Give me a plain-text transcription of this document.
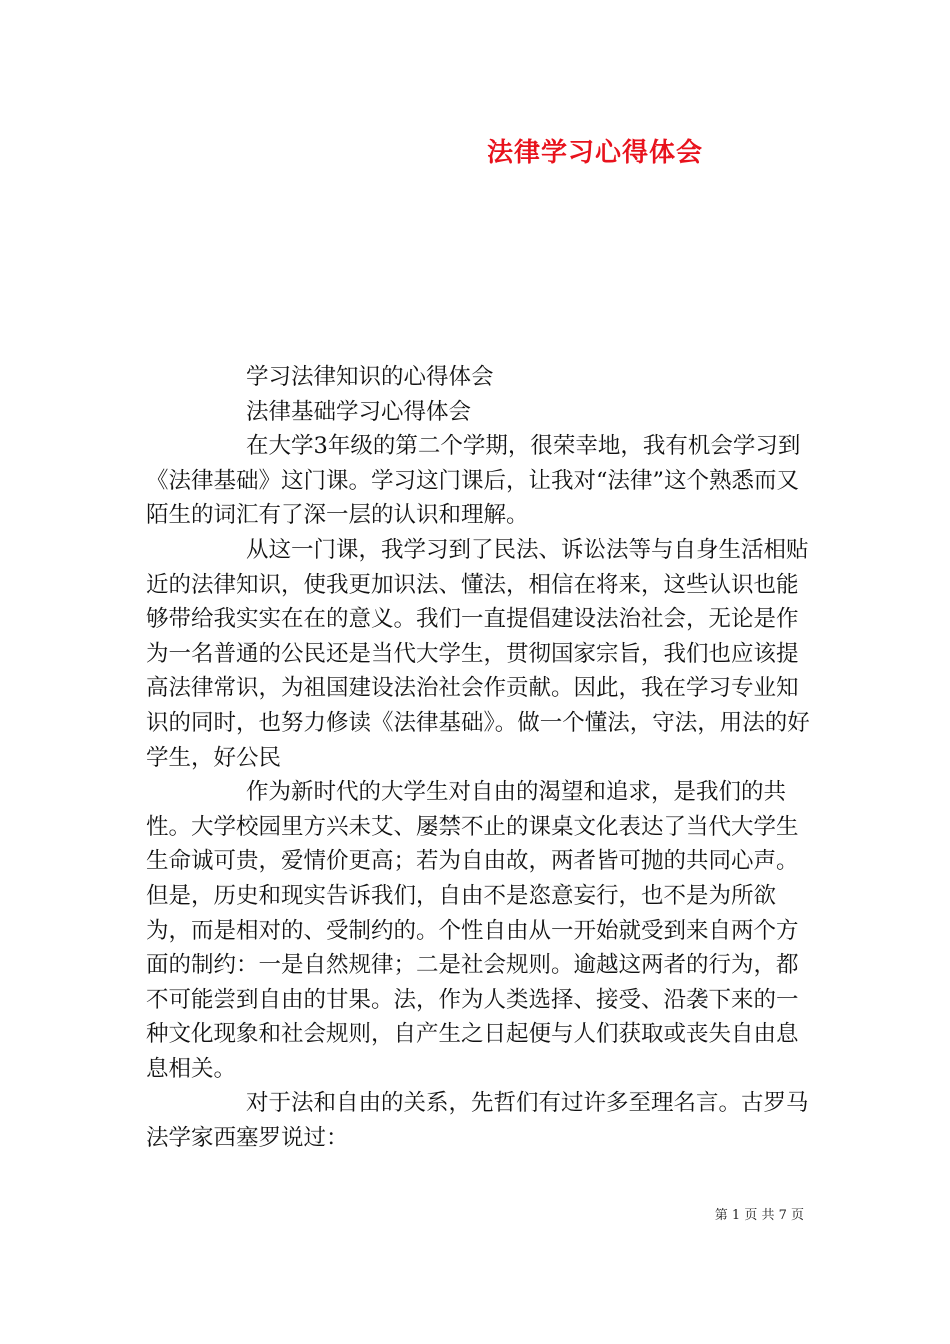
法律学习心得体会

学习法律知识的心得体会

法律基础学习心得体会

在大学3年级的第二个学期，很荣幸地，我有机会学习到《法律基础》这门课。学习这门课后，让我对“法律”这个熟悉而又陌生的词汇有了深一层的认识和理解。

从这一门课，我学习到了民法、诉讼法等与自身生活相贴近的法律知识，使我更加识法、懂法，相信在将来，这些认识也能够带给我实实在在的意义。我们一直提倡建设法治社会，无论是作为一名普通的公民还是当代大学生，贯彻国家宗旨，我们也应该提高法律常识，为祖国建设法治社会作贡献。因此，我在学习专业知识的同时，也努力修读《法律基础》。做一个懂法，守法，用法的好学生，好公民

作为新时代的大学生对自由的渴望和追求，是我们的共性。大学校园里方兴未艾、屡禁不止的课桌文化表达了当代大学生生命诚可贵，爱情价更高；若为自由故，两者皆可抛的共同心声。但是，历史和现实告诉我们，自由不是恣意妄行，也不是为所欲为，而是相对的、受制约的。个性自由从一开始就受到来自两个方面的制约：一是自然规律；二是社会规则。逾越这两者的行为，都不可能尝到自由的甘果。法，作为人类选择、接受、沿袭下来的一种文化现象和社会规则，自产生之日起便与人们获取或丧失自由息息相关。

对于法和自由的关系，先哲们有过许多至理名言。古罗马法学家西塞罗说过：

第 1 页 共 7 页
